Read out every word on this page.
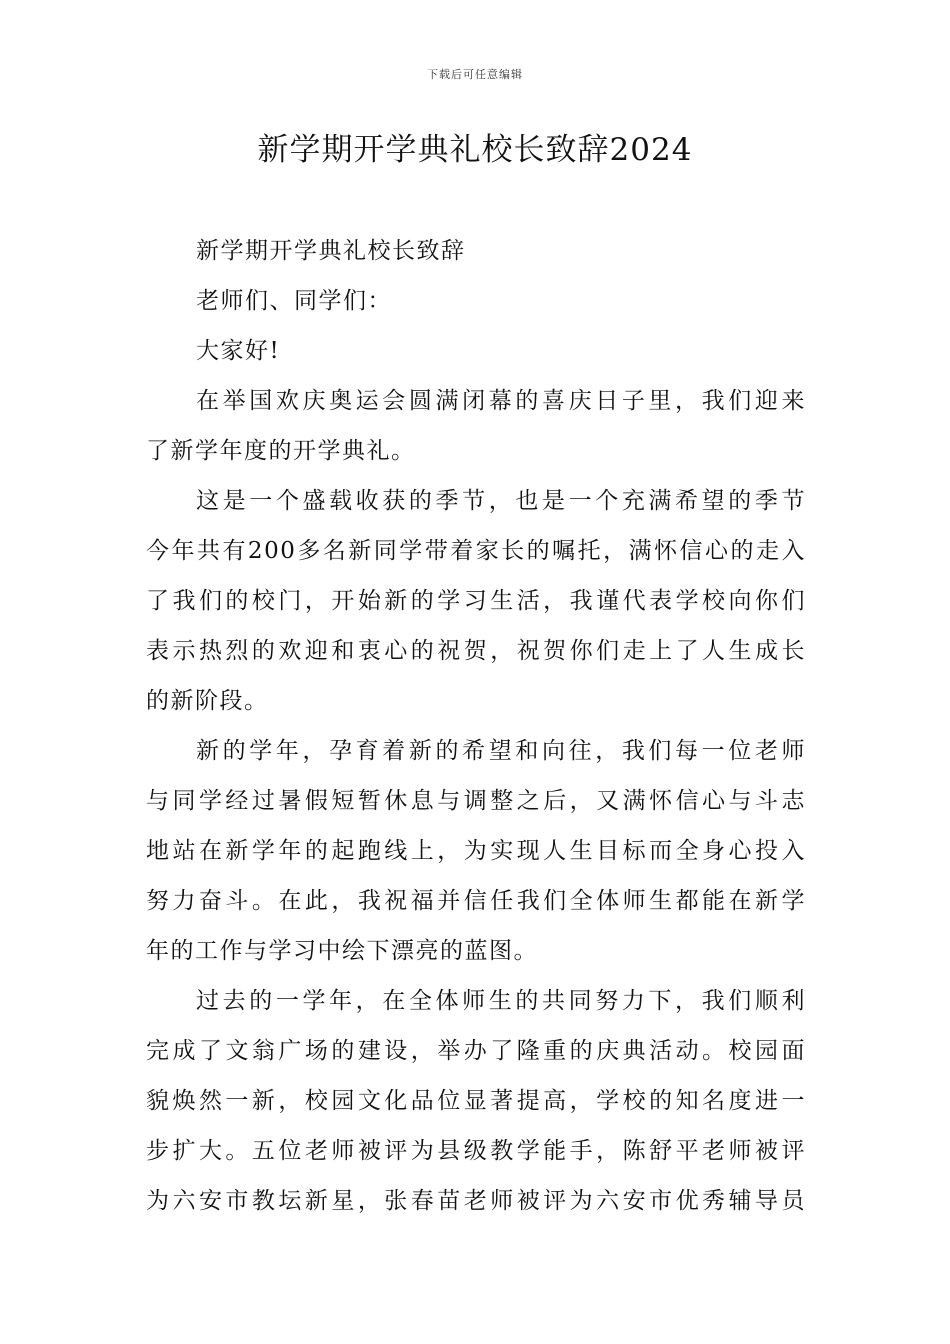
下载后可任意编辑
新学期开学典礼校长致辞2024

新学期开学典礼校长致辞

老师们、同学们：

大家好!

在举国欢庆奥运会圆满闭幕的喜庆日子里，我们迎来
了新学年度的开学典礼。

这是一个盛载收获的季节，也是一个充满希望的季节
今年共有200多名新同学带着家长的嘱托，满怀信心的走入
了我们的校门，开始新的学习生活，我谨代表学校向你们
表示热烈的欢迎和衷心的祝贺，祝贺你们走上了人生成长
的新阶段。

新的学年，孕育着新的希望和向往，我们每一位老师
与同学经过暑假短暂休息与调整之后，又满怀信心与斗志
地站在新学年的起跑线上，为实现人生目标而全身心投入
努力奋斗。在此，我祝福并信任我们全体师生都能在新学
年的工作与学习中绘下漂亮的蓝图。

过去的一学年，在全体师生的共同努力下，我们顺利
完成了文翁广场的建设，举办了隆重的庆典活动。校园面
貌焕然一新，校园文化品位显著提高，学校的知名度进一
步扩大。五位老师被评为县级教学能手，陈舒平老师被评
为六安市教坛新星，张春苗老师被评为六安市优秀辅导员
